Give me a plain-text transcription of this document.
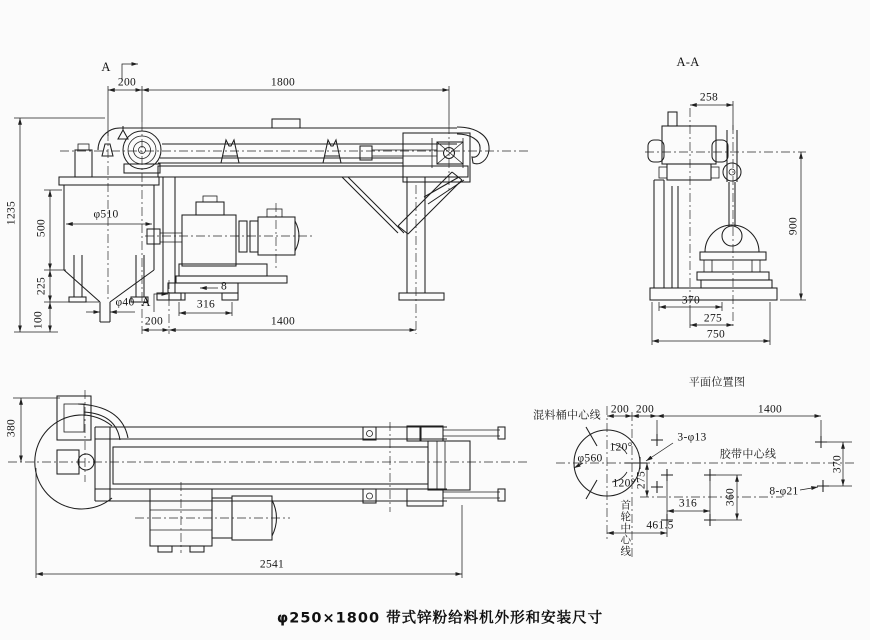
A
200	1800
1235
500
225
100
φ510
φ40 A
200
316
8
1400
A-A
258
900
370
275
750
380
2541
平面位置图
混料桶中心线
200 200	1400
3-φ13
φ560
120°
120° 275
胶带中心线
370
360
316
8-φ21
461.5
首轮中心线
φ250×1800 带式锌粉给料机外形和安装尺寸
